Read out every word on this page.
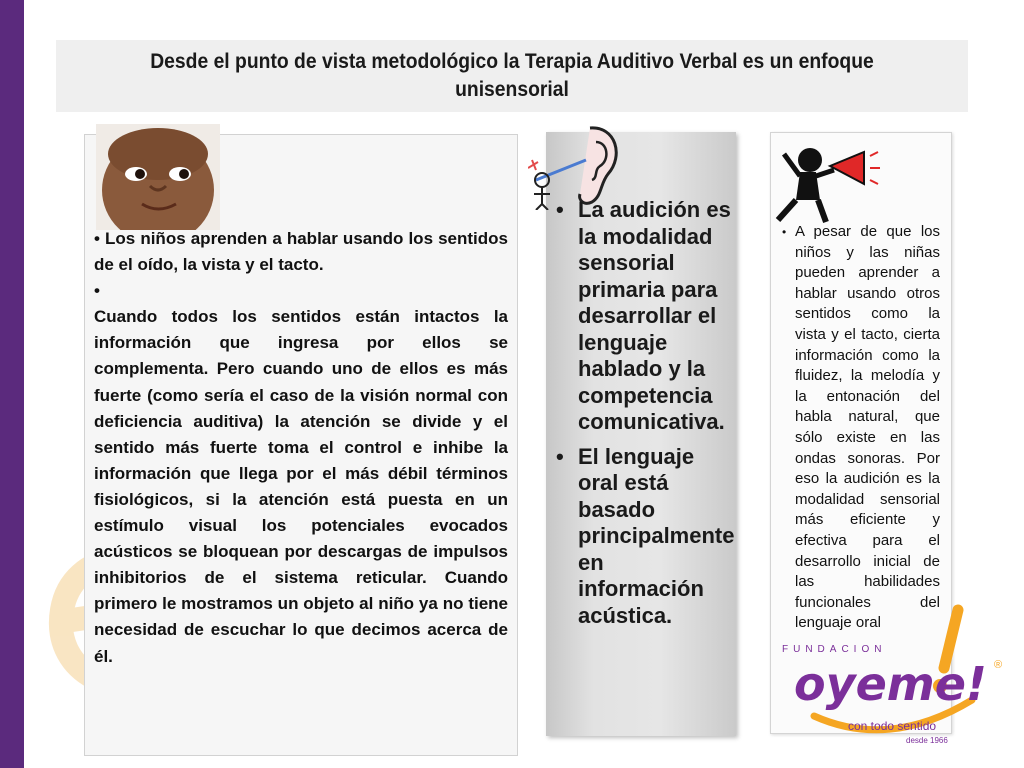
Desde el punto de vista metodológico la Terapia Auditivo Verbal es un enfoque unisensorial

• Los niños aprenden a hablar usando los sentidos de el oído, la vista y el tacto.

•

Cuando todos los sentidos están intactos la información que ingresa por ellos se complementa. Pero cuando uno de ellos es más fuerte (como sería el caso de la visión normal con deficiencia auditiva) la atención se divide y el sentido más fuerte toma el control e inhibe la información que llega por el más débil términos fisiológicos, si la atención está puesta en un estímulo visual los potenciales evocados acústicos se bloquean por descargas de impulsos inhibitorios de el sistema reticular. Cuando primero le mostramos un objeto al niño ya no tiene necesidad de escuchar lo que decimos acerca de él.

• La audición es la modalidad sensorial primaria para desarrollar el lenguaje hablado y la competencia comunicativa.
• El lenguaje oral está basado principalmente en información acústica.
• A pesar de que los niños y las niñas pueden aprender a hablar usando otros sentidos como la vista y el tacto, cierta información como la fluidez, la melodía y la entonación del habla natural, que sólo existe en las ondas sonoras. Por eso la audición es la modalidad sensorial más eficiente y efectiva para el desarrollo inicial de las habilidades funcionales del lenguaje oral
FUNDACION
oyeme! ®
con todo sentido
desde 1966
